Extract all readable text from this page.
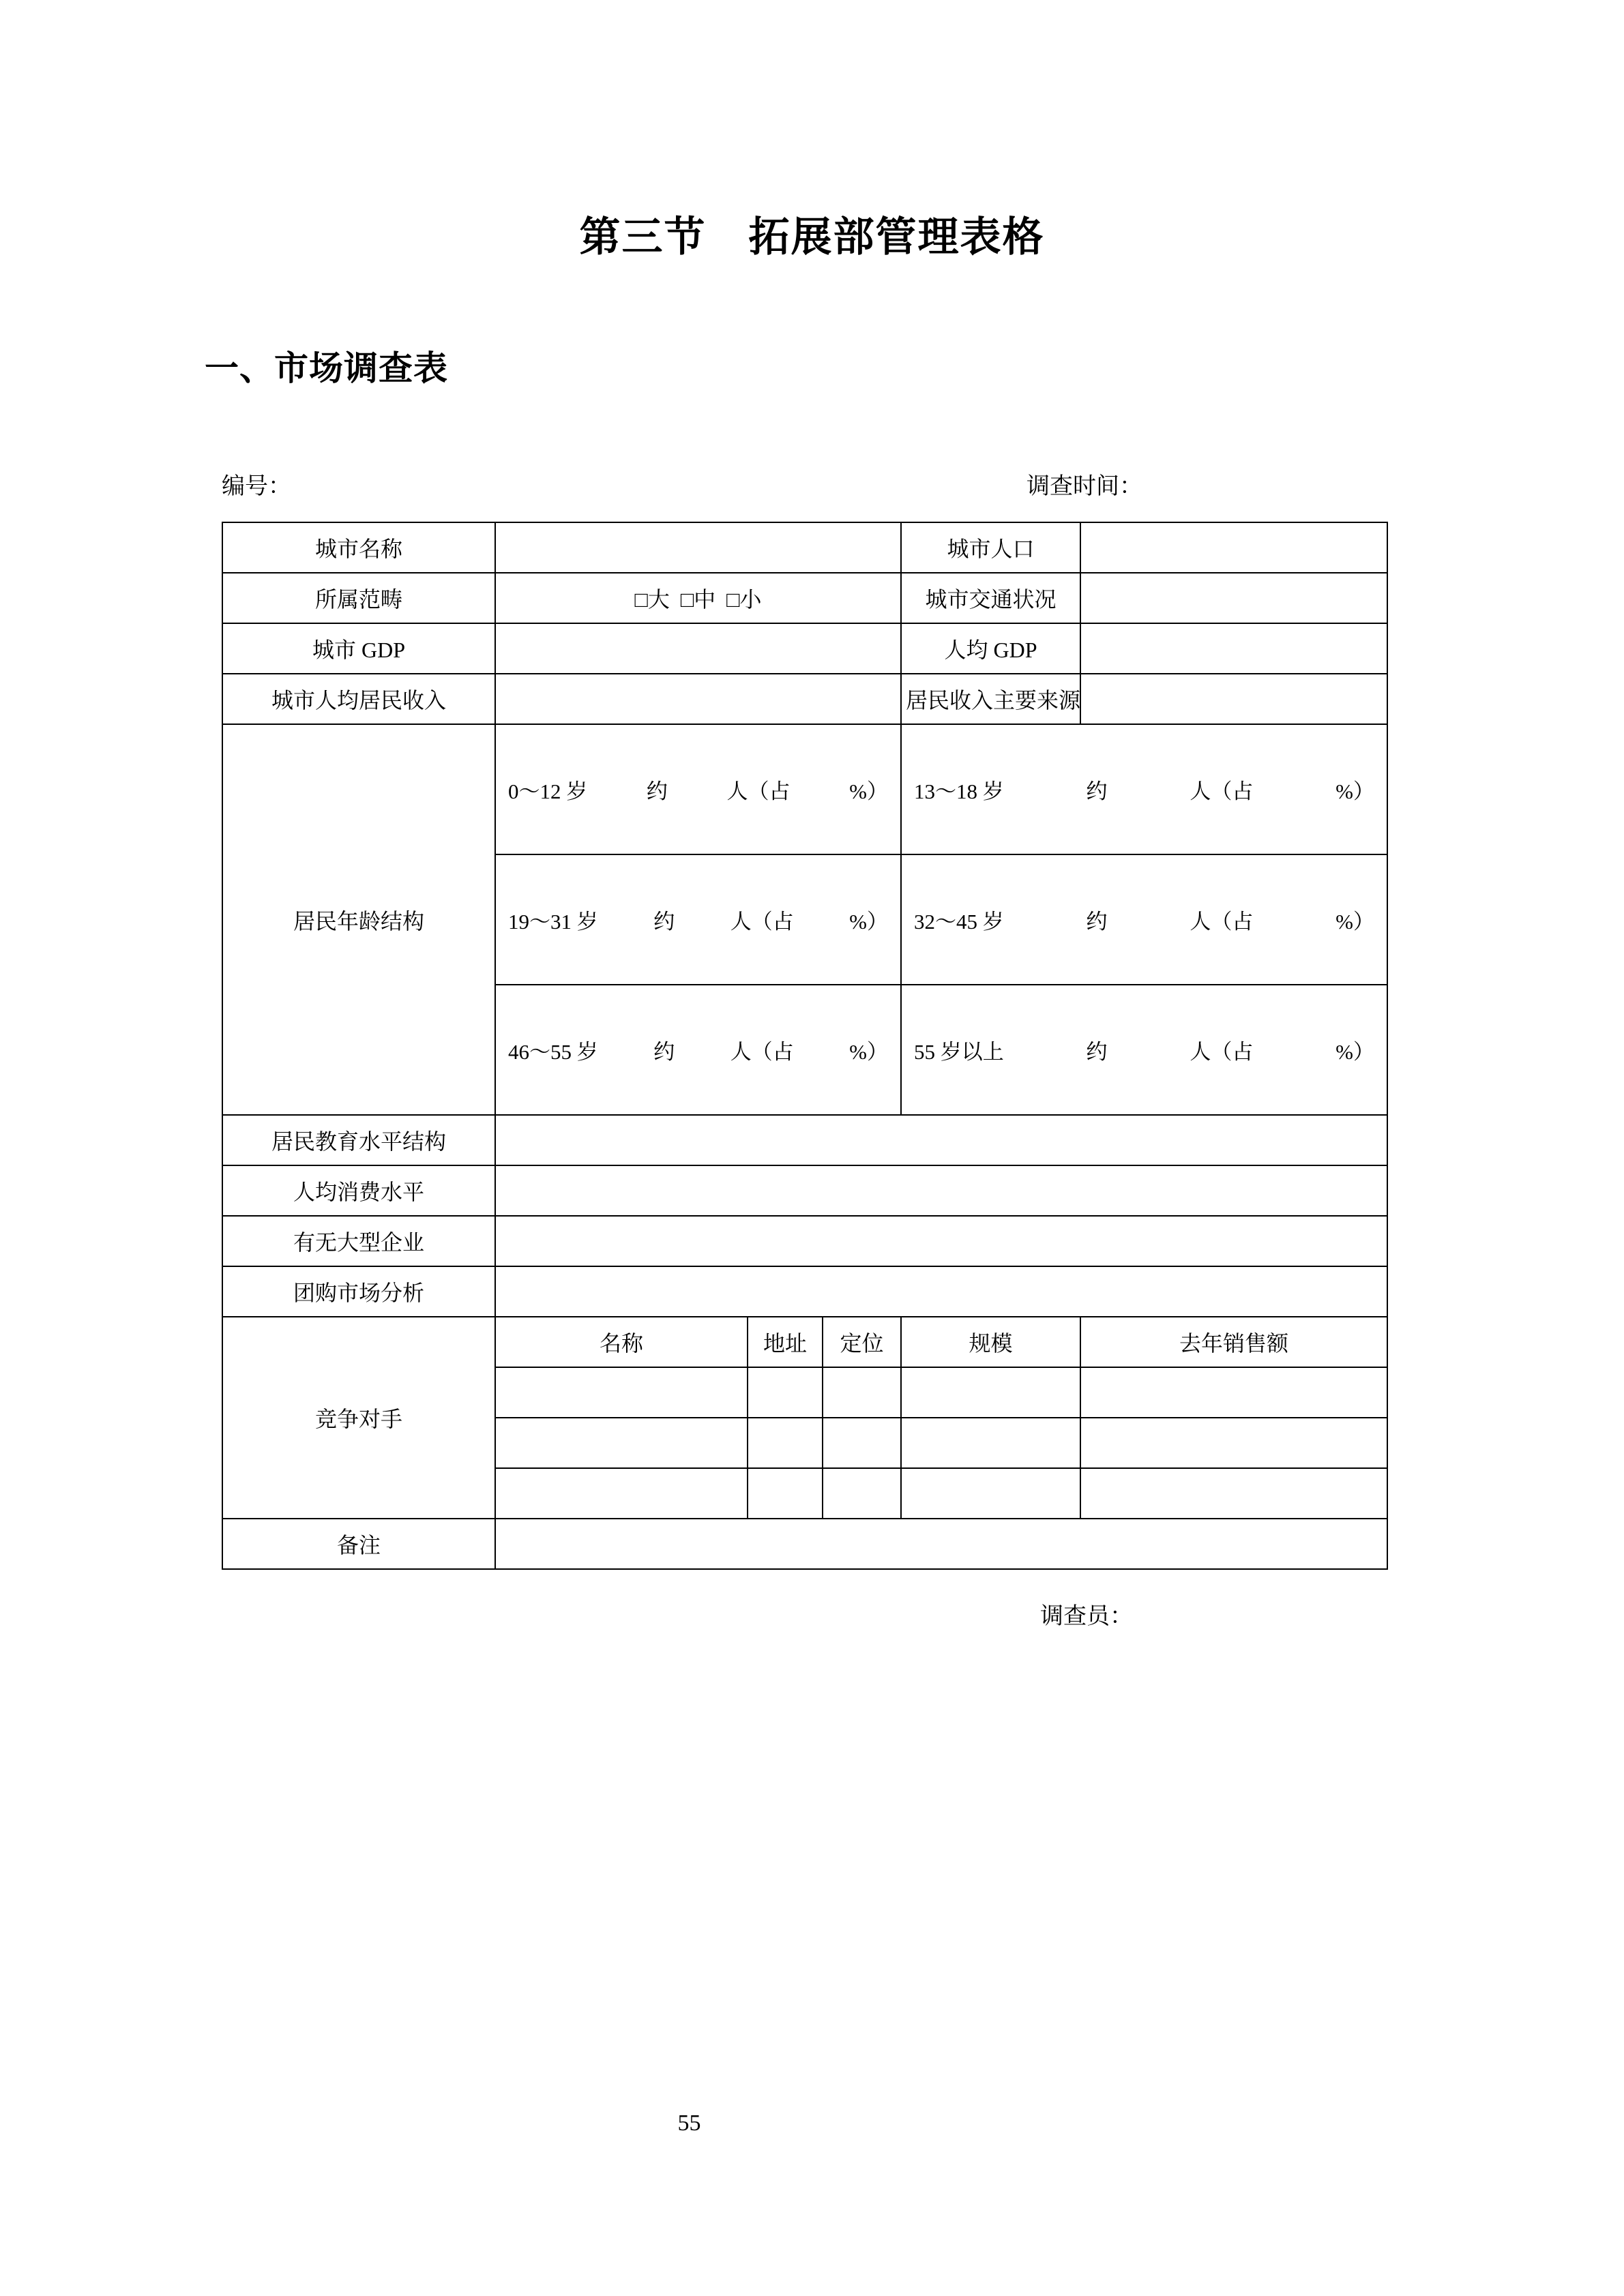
第三节　拓展部管理表格
一、市场调查表
编号：	调查时间：
城市名称				城市人口	
所属范畴	□大  □中  □小			城市交通状况	
城市 GDP				人均 GDP	
城市人均居民收入				居民收入主要来源	
居民年龄结构	0～12 岁 约 人（占 %）			13～18 岁 约 人（占 %）	

	19～31 岁 约 人（占 %）			32～45 岁 约 人（占 %）	

	46～55 岁 约 人（占 %）			55 岁以上 约 人（占 %）	

居民教育水平结构					
人均消费水平					
有无大型企业					
团购市场分析					
竞争对手	名称	地址	定位	规模	去年销售额

备注					
调查员：
55
